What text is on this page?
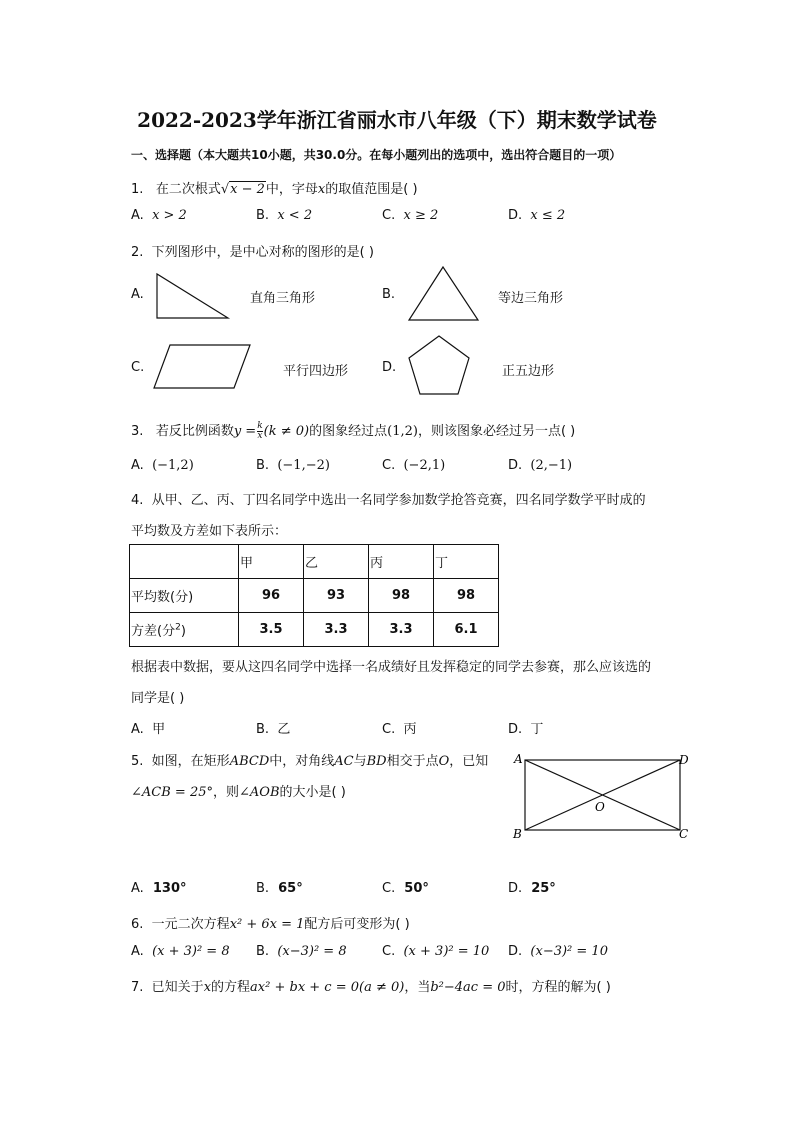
2022-2023学年浙江省丽水市八年级（下）期末数学试卷
一、选择题（本大题共10小题，共30.0分。在每小题列出的选项中，选出符合题目的一项）
1. 在二次根式√x − 2中，字母x的取值范围是( )
A. x > 2	B. x < 2	C. x ≥ 2	D. x ≤ 2
2. 下列图形中，是中心对称的图形的是( )
A.	直角三角形	B.	等边三角形
C.	平行四边形	D.	正五边形
3. 若反比例函数$y = \frac{k}{x} (k \ne 0)$的图象经过点(1,2)，则该图象必经过另一点( )
A. (−1,2)	B. (−1,−2)	C. (−2,1)	D. (2,−1)
4. 从甲、乙、丙、丁四名同学中选出一名同学参加数学抢答竞赛，四名同学数学平时成的
平均数及方差如下表所示：
	甲	乙	丙	丁
平均数(分)	96	93	98	98
方差(分$^2$)	3.5	3.3	3.3	6.1
根据表中数据，要从这四名同学中选择一名成绩好且发挥稳定的同学去参赛，那么应该选的
同学是( )
A. 甲	B. 乙	C. 丙	D. 丁
5. 如图，在矩形ABCD中，对角线AC与BD相交于点O，已知
∠ACB = 25°，则∠AOB的大小是( )
A	D
B	C
O
A. 130°	B. 65°	C. 50°	D. 25°
6. 一元二次方程x² + 6x = 1配方后可变形为( )
A. (x + 3)² = 8 B. (x−3)² = 8	C. (x + 3)² = 10 D. (x−3)² = 10
7. 已知关于x的方程ax² + bx + c = 0(a ≠ 0)，当b²−4ac = 0时，方程的解为( )
